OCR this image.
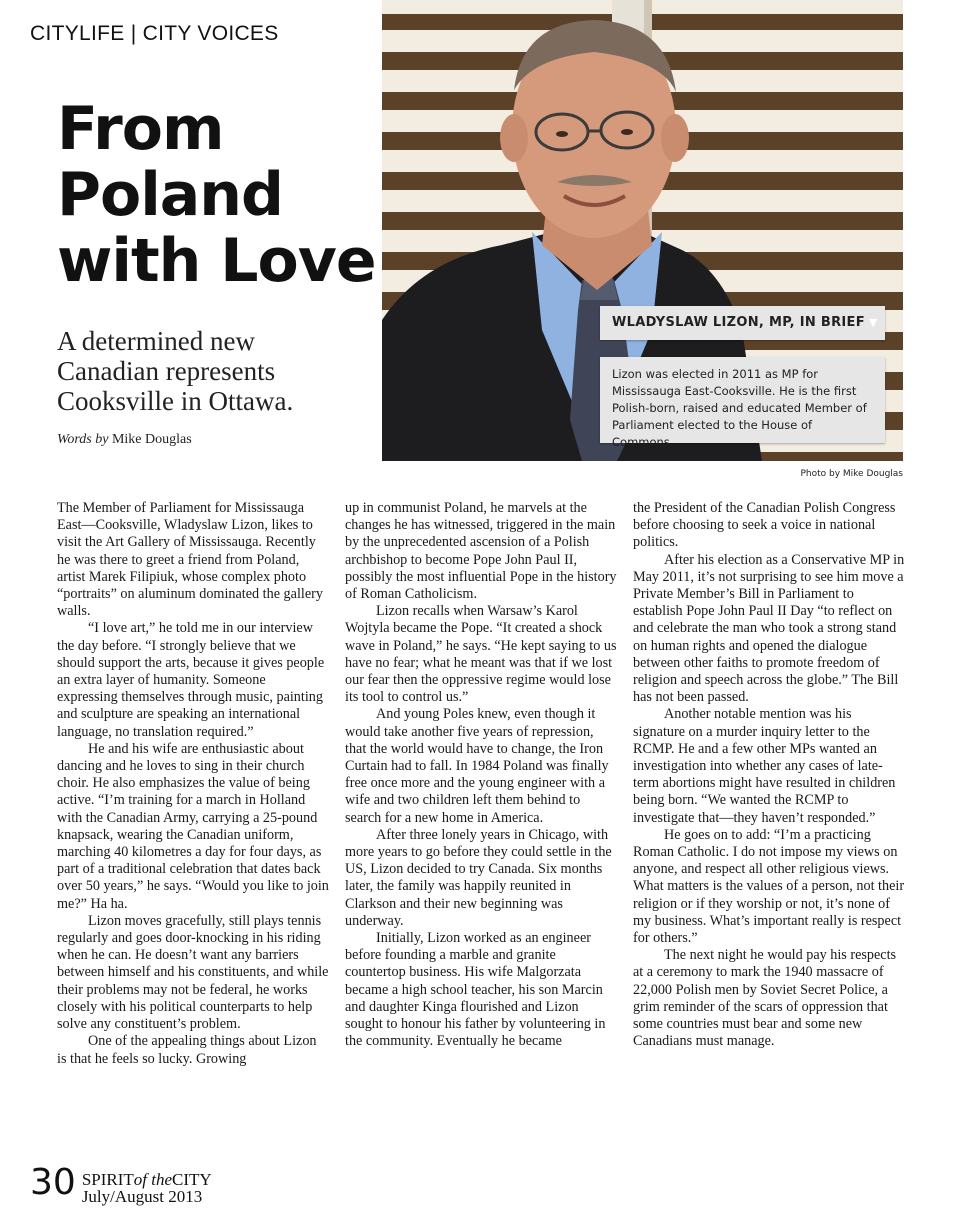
CITYLIFE | CITY VOICES
From
Poland
with Love

A determined new Canadian represents Cooksville in Ottawa.

Words by Mike Douglas
WLADYSLAW LIZON, MP, IN BRIEF ▼
Lizon was elected in 2011 as MP for Mississauga East-Cooksville. He is the first Polish-born, raised and educated Member of Parliament elected to the House of Commons.
Photo by Mike Douglas

The Member of Parliament for Mississauga East—Cooksville, Wladyslaw Lizon, likes to visit the Art Gallery of Mississauga. Recently he was there to greet a friend from Poland, artist Marek Filipiuk, whose complex photo “portraits” on aluminum dominated the gallery walls.

“I love art,” he told me in our interview the day before. “I strongly believe that we should support the arts, because it gives people an extra layer of humanity. Someone expressing themselves through music, painting and sculpture are speaking an international language, no translation required.”

He and his wife are enthusiastic about dancing and he loves to sing in their church choir. He also emphasizes the value of being active. “I’m training for a march in Holland with the Canadian Army, carrying a 25-pound knapsack, wearing the Canadian uniform, marching 40 kilometres a day for four days, as part of a traditional celebration that dates back over 50 years,” he says. “Would you like to join me?” Ha ha.

Lizon moves gracefully, still plays tennis regularly and goes door-knocking in his riding when he can. He doesn’t want any barriers between himself and his constituents, and while their problems may not be federal, he works closely with his political counterparts to help solve any constituent’s problem.

One of the appealing things about Lizon is that he feels so lucky. Growing

up in communist Poland, he marvels at the changes he has witnessed, triggered in the main by the unprecedented ascension of a Polish archbishop to become Pope John Paul II, possibly the most influential Pope in the history of Roman Catholicism.

Lizon recalls when Warsaw’s Karol Wojtyla became the Pope. “It created a shock wave in Poland,” he says. “He kept saying to us have no fear; what he meant was that if we lost our fear then the oppressive regime would lose its tool to control us.”

And young Poles knew, even though it would take another five years of repression, that the world would have to change, the Iron Curtain had to fall. In 1984 Poland was finally free once more and the young engineer with a wife and two children left them behind to search for a new home in America.

After three lonely years in Chicago, with more years to go before they could settle in the US, Lizon decided to try Canada. Six months later, the family was happily reunited in Clarkson and their new beginning was underway.

Initially, Lizon worked as an engineer before founding a marble and granite countertop business. His wife Malgorzata became a high school teacher, his son Marcin and daughter Kinga flourished and Lizon sought to honour his father by volunteering in the community. Eventually he became

the President of the Canadian Polish Congress before choosing to seek a voice in national politics.

After his election as a Conservative MP in May 2011, it’s not surprising to see him move a Private Member’s Bill in Parliament to establish Pope John Paul II Day “to reflect on and celebrate the man who took a strong stand on human rights and opened the dialogue between other faiths to promote freedom of religion and speech across the globe.” The Bill has not been passed.

Another notable mention was his signature on a murder inquiry letter to the RCMP. He and a few other MPs wanted an investigation into whether any cases of late-term abortions might have resulted in children being born. “We wanted the RCMP to investigate that—they haven’t responded.”

He goes on to add: “I’m a practicing Roman Catholic. I do not impose my views on anyone, and respect all other religious views. What matters is the values of a person, not their religion or if they worship or not, it’s none of my business. What’s important really is respect for others.”

The next night he would pay his respects at a ceremony to mark the 1940 massacre of 22,000 Polish men by Soviet Secret Police, a grim reminder of the scars of oppression that some countries must bear and some new Canadians must manage.

30 SPIRITof theCITY
July/August 2013
